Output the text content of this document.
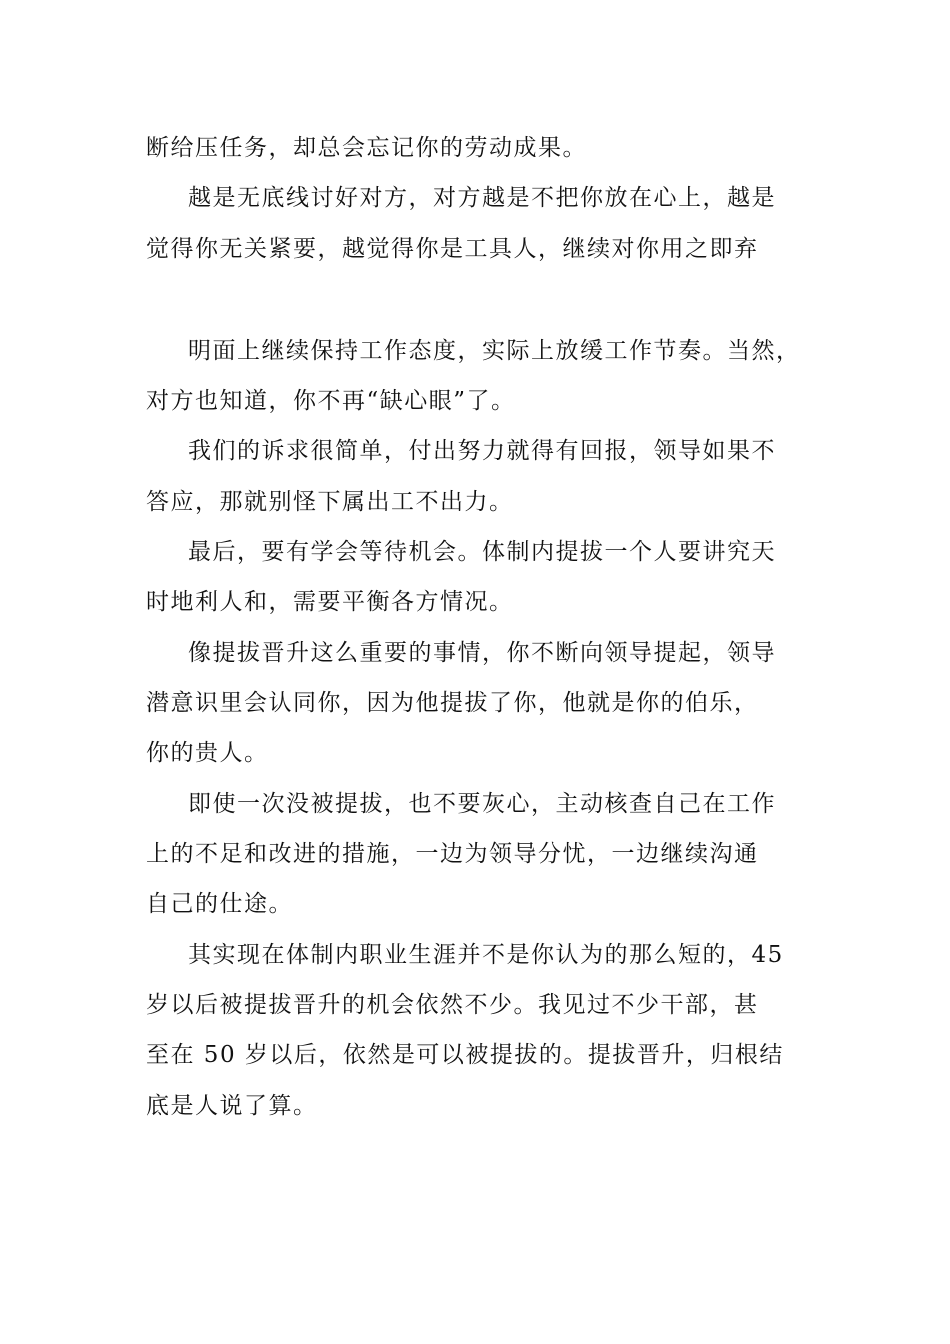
断给压任务，却总会忘记你的劳动成果。

越是无底线讨好对方，对方越是不把你放在心上，越是

觉得你无关紧要，越觉得你是工具人，继续对你用之即弃

明面上继续保持工作态度，实际上放缓工作节奏。当然，

对方也知道，你不再“缺心眼”了。

我们的诉求很简单，付出努力就得有回报，领导如果不

答应，那就别怪下属出工不出力。

最后，要有学会等待机会。体制内提拔一个人要讲究天

时地利人和，需要平衡各方情况。

像提拔晋升这么重要的事情，你不断向领导提起，领导

潜意识里会认同你，因为他提拔了你，他就是你的伯乐，

你的贵人。

即使一次没被提拔，也不要灰心，主动核查自己在工作

上的不足和改进的措施，一边为领导分忧，一边继续沟通

自己的仕途。

其实现在体制内职业生涯并不是你认为的那么短的，45

岁以后被提拔晋升的机会依然不少。我见过不少干部，甚

至在 50 岁以后，依然是可以被提拔的。提拔晋升，归根结

底是人说了算。
